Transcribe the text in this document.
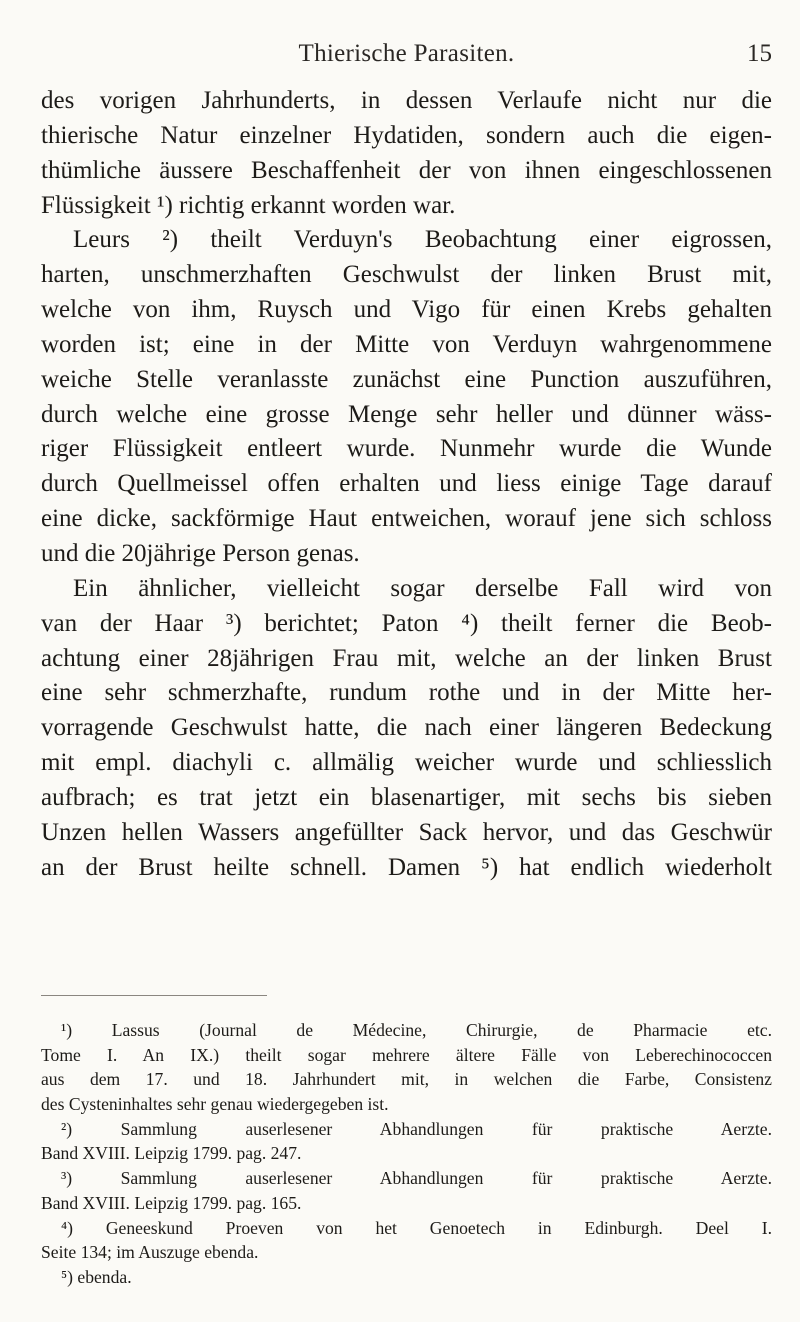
Thierische Parasiten.	15
des vorigen Jahrhunderts, in dessen Verlaufe nicht nur die
thierische Natur einzelner Hydatiden, sondern auch die eigen-
thümliche äussere Beschaffenheit der von ihnen eingeschlossenen
Flüssigkeit ¹) richtig erkannt worden war.
Leurs ²) theilt Verduyn's Beobachtung einer eigrossen,
harten, unschmerzhaften Geschwulst der linken Brust mit,
welche von ihm, Ruysch und Vigo für einen Krebs gehalten
worden ist; eine in der Mitte von Verduyn wahrgenommene
weiche Stelle veranlasste zunächst eine Punction auszuführen,
durch welche eine grosse Menge sehr heller und dünner wäss-
riger Flüssigkeit entleert wurde. Nunmehr wurde die Wunde
durch Quellmeissel offen erhalten und liess einige Tage darauf
eine dicke, sackförmige Haut entweichen, worauf jene sich schloss
und die 20jährige Person genas.
Ein ähnlicher, vielleicht sogar derselbe Fall wird von
van der Haar ³) berichtet; Paton ⁴) theilt ferner die Beob-
achtung einer 28jährigen Frau mit, welche an der linken Brust
eine sehr schmerzhafte, rundum rothe und in der Mitte her-
vorragende Geschwulst hatte, die nach einer längeren Bedeckung
mit empl. diachyli c. allmälig weicher wurde und schliesslich
aufbrach; es trat jetzt ein blasenartiger, mit sechs bis sieben
Unzen hellen Wassers angefüllter Sack hervor, und das Geschwür
an der Brust heilte schnell. Damen ⁵) hat endlich wiederholt
¹) Lassus (Journal de Médecine, Chirurgie, de Pharmacie etc.
Tome I. An IX.) theilt sogar mehrere ältere Fälle von Leberechinococcen
aus dem 17. und 18. Jahrhundert mit, in welchen die Farbe, Consistenz
des Cysteninhaltes sehr genau wiedergegeben ist.
²) Sammlung auserlesener Abhandlungen für praktische Aerzte.
Band XVIII. Leipzig 1799. pag. 247.
³) Sammlung auserlesener Abhandlungen für praktische Aerzte.
Band XVIII. Leipzig 1799. pag. 165.
⁴) Geneeskund Proeven von het Genoetech in Edinburgh. Deel I.
Seite 134; im Auszuge ebenda.
⁵) ebenda.
